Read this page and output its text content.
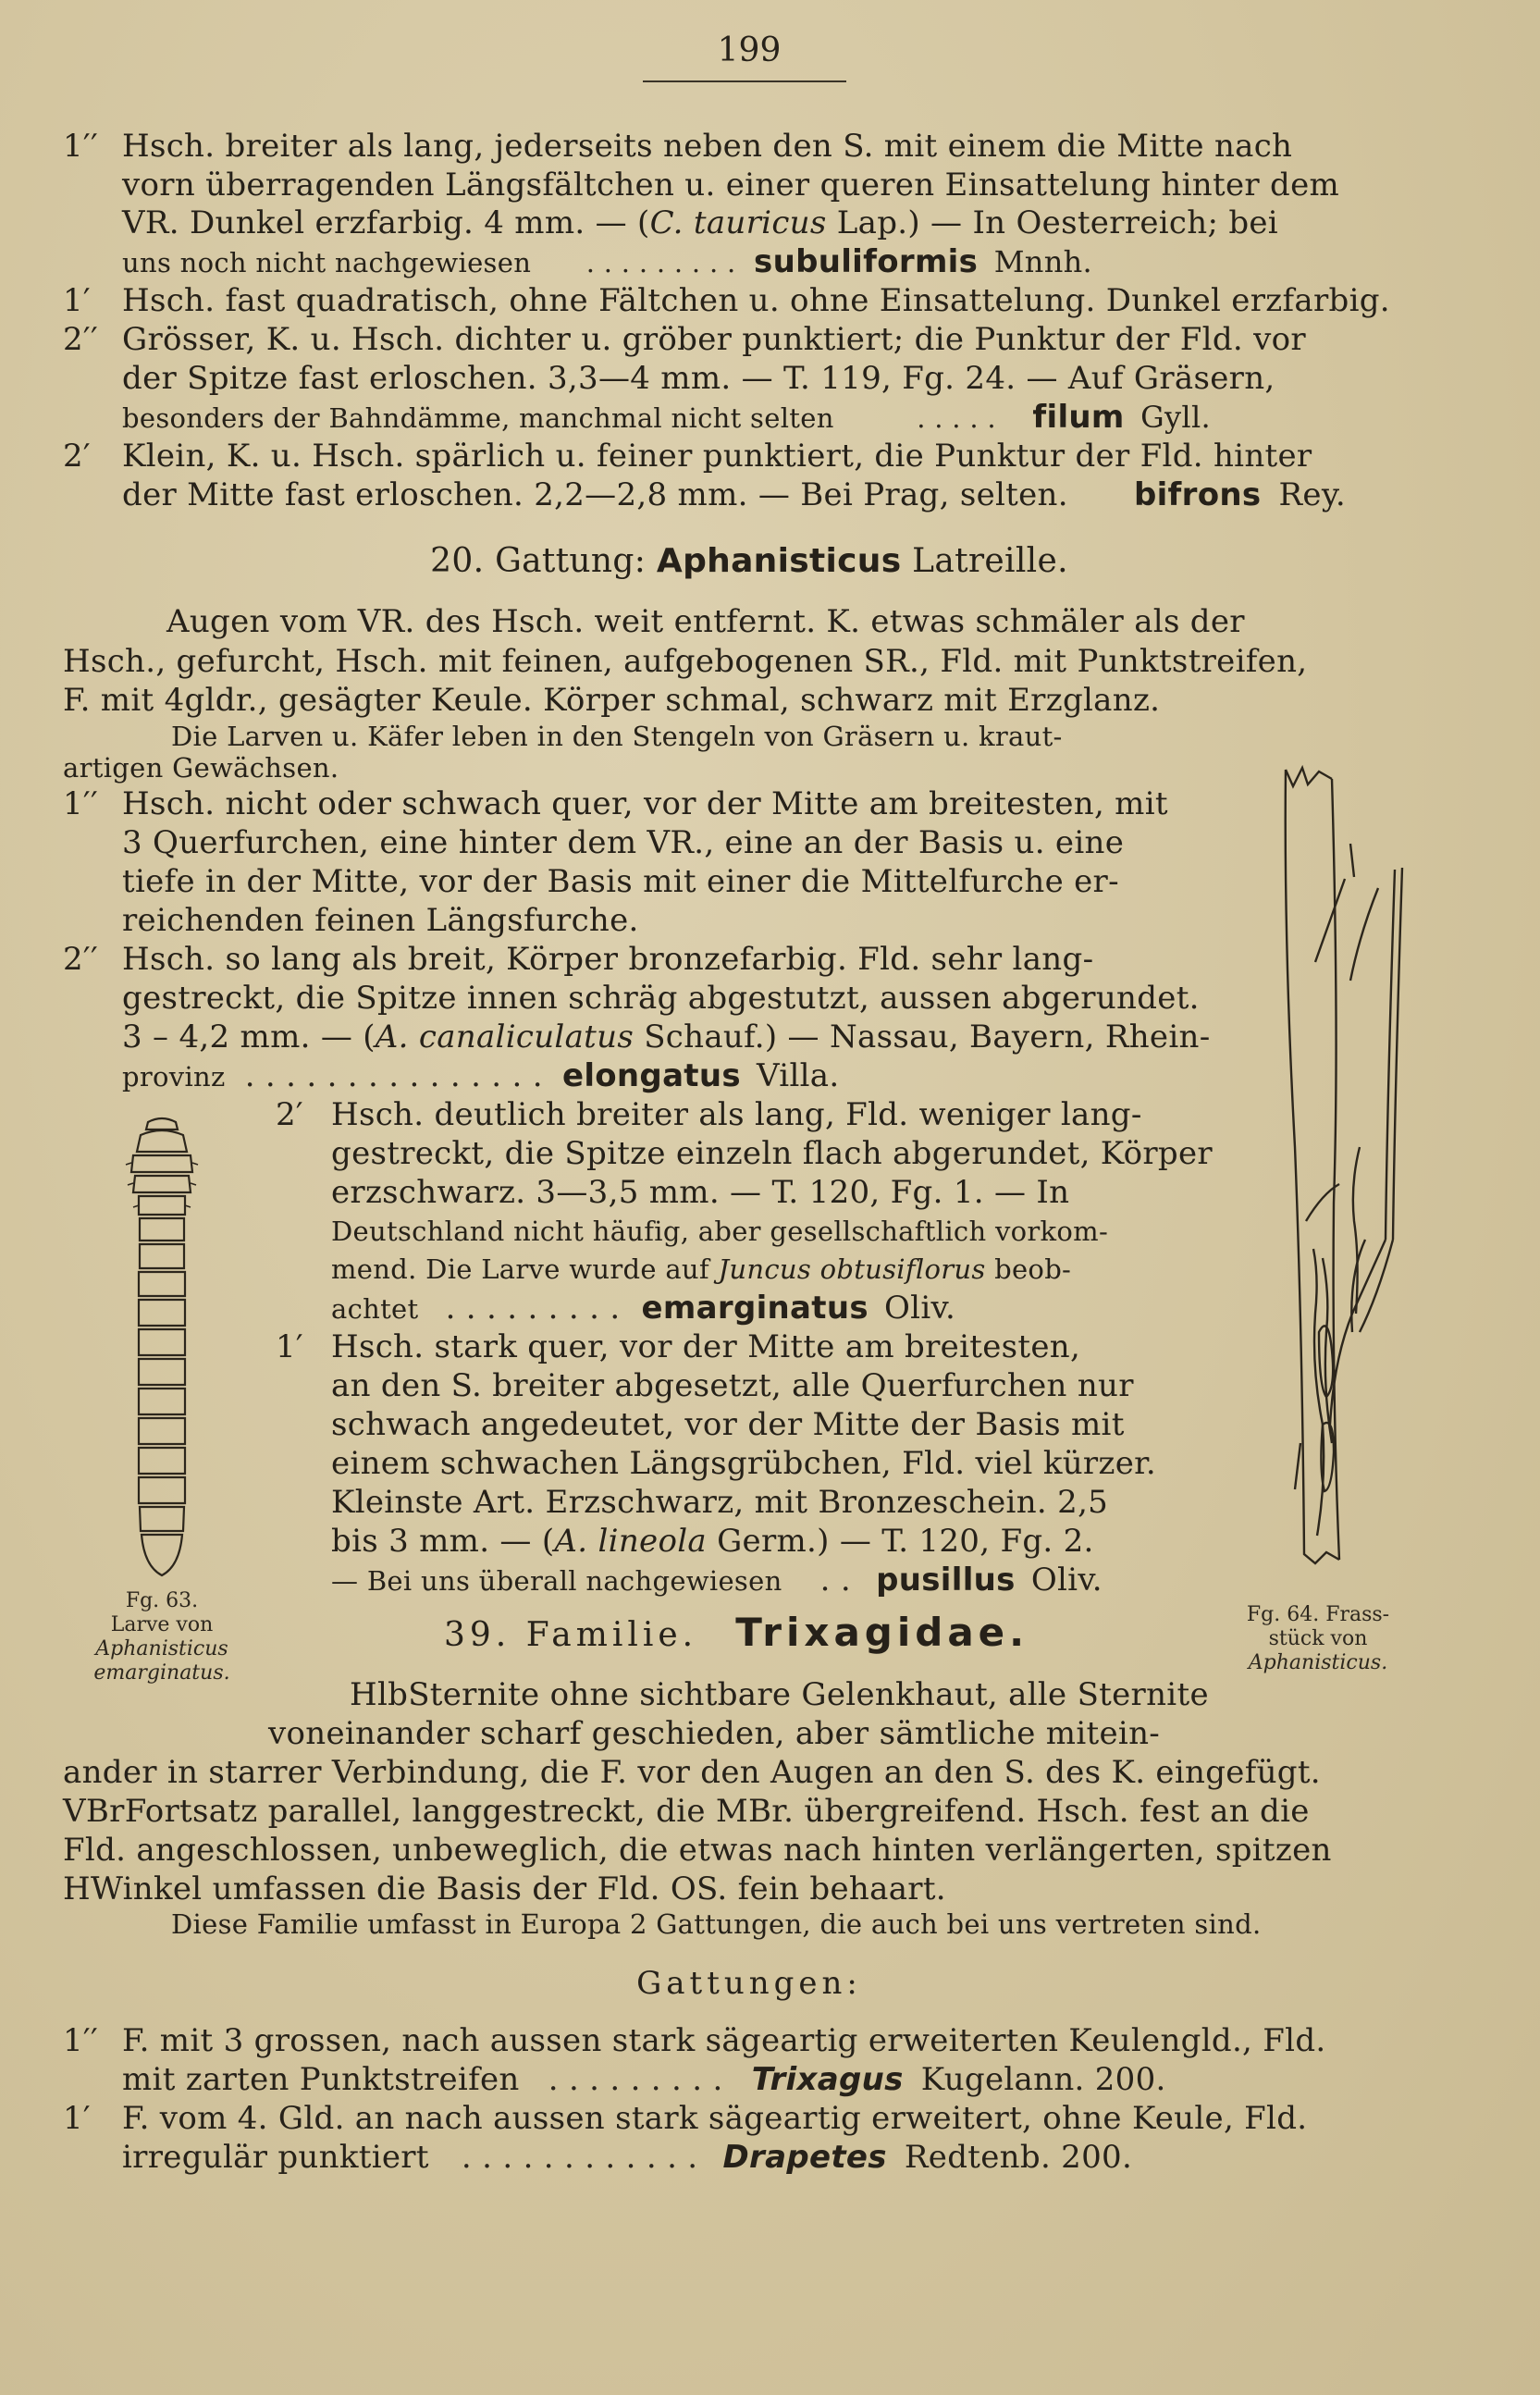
199
1′′ Hsch. breiter als lang, jederseits neben den S. mit einem die Mitte nach
vorn überragenden Längsfältchen u. einer queren Einsattelung hinter dem
VR. Dunkel erzfarbig. 4 mm. — (C. tauricus Lap.) — In Oesterreich; bei
uns noch nicht nachgewiesen . . . . . . . . . subuliformis Mnnh.
1′ Hsch. fast quadratisch, ohne Fältchen u. ohne Einsattelung. Dunkel erzfarbig.
2′′ Grösser, K. u. Hsch. dichter u. gröber punktiert; die Punktur der Fld. vor
der Spitze fast erloschen. 3,3—4 mm. — T. 119, Fg. 24. — Auf Gräsern,
besonders der Bahndämme, manchmal nicht selten	. . . . . filum Gyll.
2′ Klein, K. u. Hsch. spärlich u. feiner punktiert, die Punktur der Fld. hinter
der Mitte fast erloschen. 2,2—2,8 mm. — Bei Prag, selten. bifrons Rey.
20. Gattung: Aphanisticus Latreille.
Augen vom VR. des Hsch. weit entfernt. K. etwas schmäler als der
Hsch., gefurcht, Hsch. mit feinen, aufgebogenen SR., Fld. mit Punktstreifen,
F. mit 4gldr., gesägter Keule. Körper schmal, schwarz mit Erzglanz.
Die Larven u. Käfer leben in den Stengeln von Gräsern u. kraut-
artigen Gewächsen.
1′′ Hsch. nicht oder schwach quer, vor der Mitte am breitesten, mit
3 Querfurchen, eine hinter dem VR., eine an der Basis u. eine
tiefe in der Mitte, vor der Basis mit einer die Mittelfurche er-
reichenden feinen Längsfurche.
2′′ Hsch. so lang als breit, Körper bronzefarbig. Fld. sehr lang-
gestreckt, die Spitze innen schräg abgestutzt, aussen abgerundet.
3 – 4,2 mm. — (A. canaliculatus Schauf.) — Nassau, Bayern, Rhein-
provinz . . . . . . . . . . . . . . . elongatus Villa.
2′ Hsch. deutlich breiter als lang, Fld. weniger lang-
gestreckt, die Spitze einzeln flach abgerundet, Körper
erzschwarz. 3—3,5 mm. — T. 120, Fg. 1. — In
Deutschland nicht häufig, aber gesellschaftlich vorkom-
mend. Die Larve wurde auf Juncus obtusiflorus beob-
achtet . . . . . . . . . emarginatus Oliv.
1′ Hsch. stark quer, vor der Mitte am breitesten,
an den S. breiter abgesetzt, alle Querfurchen nur
schwach angedeutet, vor der Mitte der Basis mit
einem schwachen Längsgrübchen, Fld. viel kürzer.
Kleinste Art. Erzschwarz, mit Bronzeschein. 2,5
bis 3 mm. — (A. lineola Germ.) — T. 120, Fg. 2.
— Bei uns überall nachgewiesen . . pusillus Oliv.
Fg. 63.
Larve von
Aphanisticus
emarginatus.
Fg. 64. Frass-
stück von
Aphanisticus.
39. Familie. Trixagidae.
HlbSternite ohne sichtbare Gelenkhaut, alle Sternite
voneinander scharf geschieden, aber sämtliche mitein-
ander in starrer Verbindung, die F. vor den Augen an den S. des K. eingefügt.
VBrFortsatz parallel, langgestreckt, die MBr. übergreifend. Hsch. fest an die
Fld. angeschlossen, unbeweglich, die etwas nach hinten verlängerten, spitzen
HWinkel umfassen die Basis der Fld. OS. fein behaart.
Diese Familie umfasst in Europa 2 Gattungen, die auch bei uns vertreten sind.
Gattungen:
1′′ F. mit 3 grossen, nach aussen stark sägeartig erweiterten Keulengld., Fld.
mit zarten Punktstreifen . . . . . . . . . Trixagus Kugelann. 200.
1′ F. vom 4. Gld. an nach aussen stark sägeartig erweitert, ohne Keule, Fld.
irregulär punktiert . . . . . . . . . . . . Drapetes Redtenb. 200.
